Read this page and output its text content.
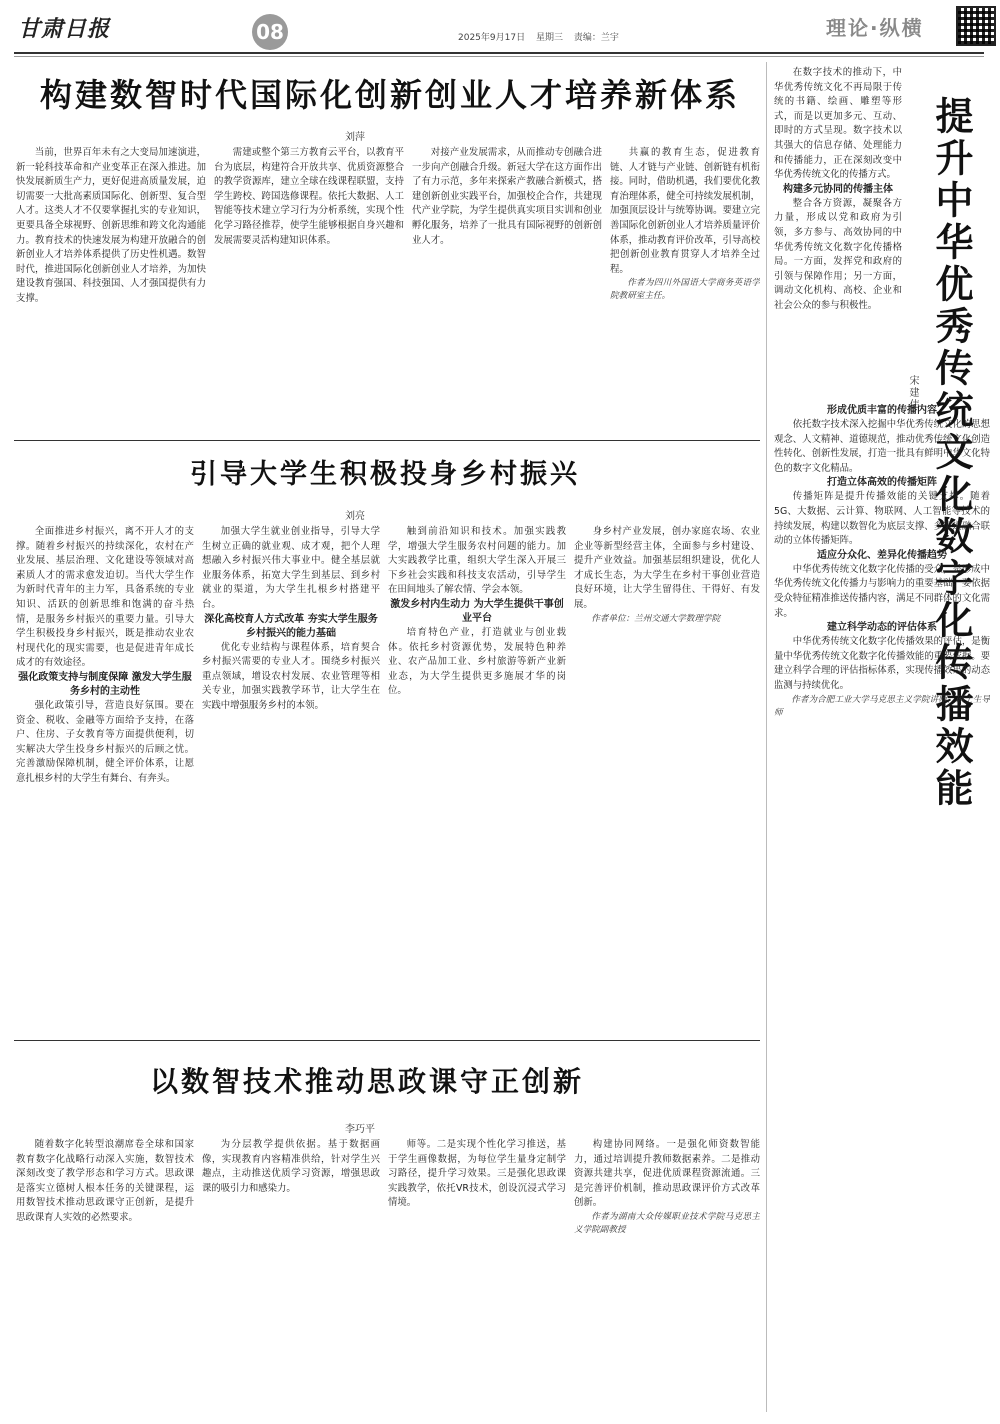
甘肃日报	08	2025年9月17日 星期三 责编：兰宇	理论·纵横
构建数智时代国际化创新创业人才培养新体系
刘萍

当前，世界百年未有之大变局加速演进，新一轮科技革命和产业变革正在深入推进。加快发展新质生产力，更好促进高质量发展，迫切需要一大批高素质国际化、创新型、复合型人才。这类人才不仅要掌握扎实的专业知识，更要具备全球视野、创新思维和跨文化沟通能力。教育技术的快速发展为构建开放融合的创新创业人才培养体系提供了历史性机遇。数智时代，推进国际化创新创业人才培养，为加快建设教育强国、科技强国、人才强国提供有力支撑。

需建或整个第三方教育云平台，以教育平台为底层，构建符合开放共享、优质资源整合的教学资源库，建立全球在线课程联盟，支持学生跨校、跨国选修课程。依托大数据、人工智能等技术建立学习行为分析系统，实现个性化学习路径推荐，使学生能够根据自身兴趣和发展需要灵活构建知识体系。

对接产业发展需求，从而推动专创融合进一步向产创融合升级。新冠大学在这方面作出了有力示范，多年来探索产教融合新模式，搭建创新创业实践平台，加强校企合作，共建现代产业学院，为学生提供真实项目实训和创业孵化服务，培养了一批具有国际视野的创新创业人才。

共赢的教育生态，促进教育链、人才链与产业链、创新链有机衔接。同时，借助机遇，我们要优化教育治理体系，健全可持续发展机制，加强顶层设计与统筹协调。要建立完善国际化创新创业人才培养质量评价体系，推动教育评价改革，引导高校把创新创业教育贯穿人才培养全过程。

作者为四川外国语大学商务英语学院教研室主任。

引导大学生积极投身乡村振兴
刘亮

全面推进乡村振兴，离不开人才的支撑。随着乡村振兴的持续深化，农村在产业发展、基层治理、文化建设等领域对高素质人才的需求愈发迫切。当代大学生作为新时代青年的主力军，具备系统的专业知识、活跃的创新思维和饱满的奋斗热情，是服务乡村振兴的重要力量。引导大学生积极投身乡村振兴，既是推动农业农村现代化的现实需要，也是促进青年成长成才的有效途径。

强化政策支持与制度保障 激发大学生服务乡村的主动性

强化政策引导，营造良好氛围。要在资金、税收、金融等方面给予支持，在落户、住房、子女教育等方面提供便利，切实解决大学生投身乡村振兴的后顾之忧。完善激励保障机制，健全评价体系，让愿意扎根乡村的大学生有舞台、有奔头。

加强大学生就业创业指导，引导大学生树立正确的就业观、成才观，把个人理想融入乡村振兴伟大事业中。健全基层就业服务体系，拓宽大学生到基层、到乡村就业的渠道，为大学生扎根乡村搭建平台。

深化高校育人方式改革 夯实大学生服务乡村振兴的能力基础

优化专业结构与课程体系，培育契合乡村振兴需要的专业人才。围绕乡村振兴重点领域，增设农村发展、农业管理等相关专业，加强实践教学环节，让大学生在实践中增强服务乡村的本领。

触到前沿知识和技术。加强实践教学，增强大学生服务农村问题的能力。加大实践教学比重，组织大学生深入开展三下乡社会实践和科技支农活动，引导学生在田间地头了解农情、学会本领。

激发乡村内生动力 为大学生提供干事创业平台

培育特色产业，打造就业与创业载体。依托乡村资源优势，发展特色种养业、农产品加工业、乡村旅游等新产业新业态，为大学生提供更多施展才华的岗位。

身乡村产业发展，创办家庭农场、农业企业等新型经营主体，全面参与乡村建设、提升产业效益。加强基层组织建设，优化人才成长生态，为大学生在乡村干事创业营造良好环境，让大学生留得住、干得好、有发展。

作者单位：兰州交通大学数理学院

以数智技术推动思政课守正创新
李巧平

随着数字化转型浪潮席卷全球和国家教育数字化战略行动深入实施，数智技术深刻改变了教学形态和学习方式。思政课是落实立德树人根本任务的关键课程，运用数智技术推动思政课守正创新，是提升思政课育人实效的必然要求。

为分层教学提供依据。基于数据画像，实现教育内容精准供给，针对学生兴趣点，主动推送优质学习资源，增强思政课的吸引力和感染力。

师等。二是实现个性化学习推送，基于学生画像数据，为每位学生量身定制学习路径，提升学习效果。三是强化思政课实践教学，依托VR技术，创设沉浸式学习情境。

构建协同网络。一是强化师资数智能力，通过培训提升教师数据素养。二是推动资源共建共享，促进优质课程资源流通。三是完善评价机制，推动思政课评价方式改革创新。

作者为湖南大众传媒职业技术学院马克思主义学院副教授

提升中华优秀传统文化数字化传播效能
宋建伟

在数字技术的推动下，中华优秀传统文化不再局限于传统的书籍、绘画、雕塑等形式，而是以更加多元、互动、即时的方式呈现。数字技术以其强大的信息存储、处理能力和传播能力，正在深刻改变中华优秀传统文化的传播方式。

构建多元协同的传播主体

整合各方资源，凝聚各方力量，形成以党和政府为引领，多方参与、高效协同的中华优秀传统文化数字化传播格局。一方面，发挥党和政府的引领与保障作用；另一方面，调动文化机构、高校、企业和社会公众的参与积极性。

形成优质丰富的传播内容

依托数字技术深入挖掘中华优秀传统文化的思想观念、人文精神、道德规范，推动优秀传统文化创造性转化、创新性发展，打造一批具有鲜明中华文化特色的数字文化精品。

打造立体高效的传播矩阵

传播矩阵是提升传播效能的关键支撑。随着5G、大数据、云计算、物联网、人工智能等技术的持续发展，构建以数智化为底层支撑、多渠道融合联动的立体传播矩阵。

适应分众化、差异化传播趋势

中华优秀传统文化数字化传播的受众，是形成中华优秀传统文化传播力与影响力的重要基础。要依据受众特征精准推送传播内容，满足不同群体的文化需求。

建立科学动态的评估体系

中华优秀传统文化数字化传播效果的评估，是衡量中华优秀传统文化数字化传播效能的重要依据。要建立科学合理的评估指标体系，实现传播效果的动态监测与持续优化。

作者为合肥工业大学马克思主义学院讲师、硕士生导师
